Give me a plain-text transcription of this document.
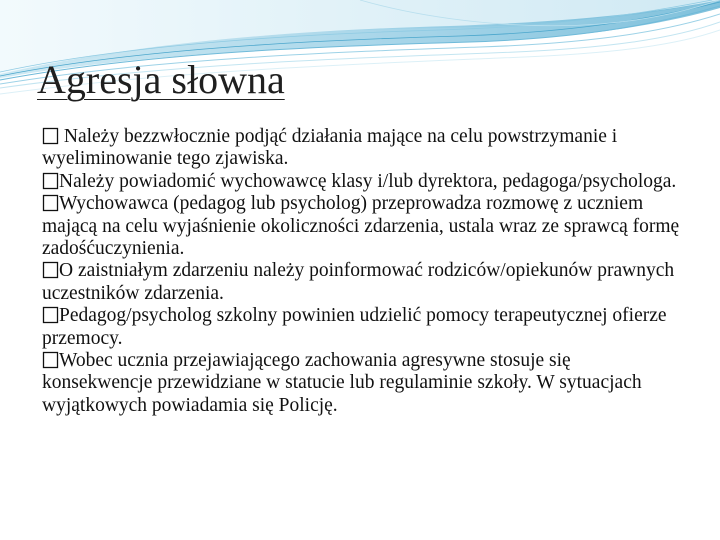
Agresja słowna
Należy bezzwłocznie podjąć działania mające na celu powstrzymanie i wyeliminowanie tego zjawiska.
Należy powiadomić wychowawcę klasy i/lub dyrektora, pedagoga/psychologa.
Wychowawca (pedagog lub psycholog) przeprowadza rozmowę z uczniem mającą na celu wyjaśnienie okoliczności zdarzenia, ustala wraz ze sprawcą formę zadośćuczynienia.
O zaistniałym zdarzeniu należy poinformować rodziców/opiekunów prawnych uczestników zdarzenia.
Pedagog/psycholog szkolny powinien udzielić pomocy terapeutycznej ofierze przemocy.
Wobec ucznia przejawiającego zachowania agresywne stosuje się konsekwencje przewidziane w statucie lub regulaminie szkoły. W sytuacjach wyjątkowych powiadamia się Policję.
